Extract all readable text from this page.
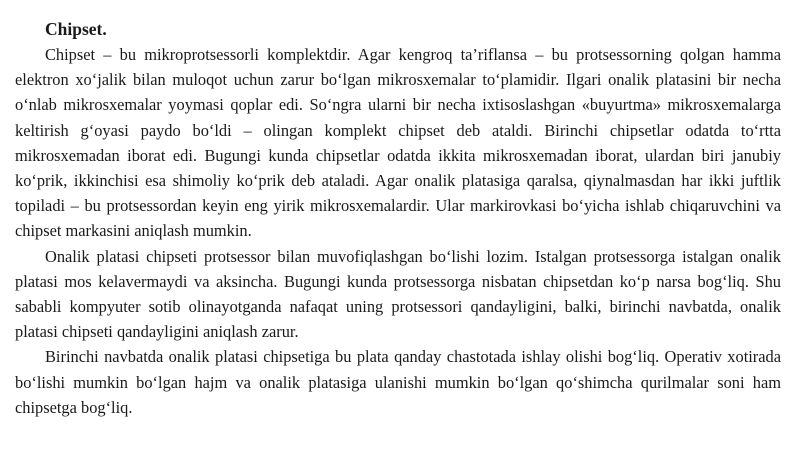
Chipset.

Chipset – bu mikroprotsessorli komplektdir. Agar kengroq ta’riflansa – bu protsessorning qolgan hamma elektron xo‘jalik bilan muloqot uchun zarur bo‘lgan mikrosxemalar to‘plamidir. Ilgari onalik platasini bir necha o‘nlab mikrosxemalar yoymasi qoplar edi. So‘ngra ularni bir necha ixtisoslashgan «buyurtma» mikrosxemalarga keltirish g‘oyasi paydo bo‘ldi – olingan komplekt chipset deb ataldi. Birinchi chipsetlar odatda to‘rtta mikrosxemadan iborat edi. Bugungi kunda chipsetlar odatda ikkita mikrosxemadan iborat, ulardan biri janubiy ko‘prik, ikkinchisi esa shimoliy ko‘prik deb ataladi. Agar onalik platasiga qaralsa, qiynalmasdan har ikki juftlik topiladi – bu protsessordan keyin eng yirik mikrosxemalardir. Ular markirovkasi bo‘yicha ishlab chiqaruvchini va chipset markasini aniqlash mumkin.

Onalik platasi chipseti protsessor bilan muvofiqlashgan bo‘lishi lozim. Istalgan protsessorga istalgan onalik platasi mos kelavermaydi va aksincha. Bugungi kunda protsessorga nisbatan chipsetdan ko‘p narsa bog‘liq. Shu sababli kompyuter sotib olinayotganda nafaqat uning protsessori qandayligini, balki, birinchi navbatda, onalik platasi chipseti qandayligini aniqlash zarur.

Birinchi navbatda onalik platasi chipsetiga bu plata qanday chastotada ishlay olishi bog‘liq. Operativ xotirada bo‘lishi mumkin bo‘lgan hajm va onalik platasiga ulanishi mumkin bo‘lgan qo‘shimcha qurilmalar soni ham chipsetga bog‘liq.
